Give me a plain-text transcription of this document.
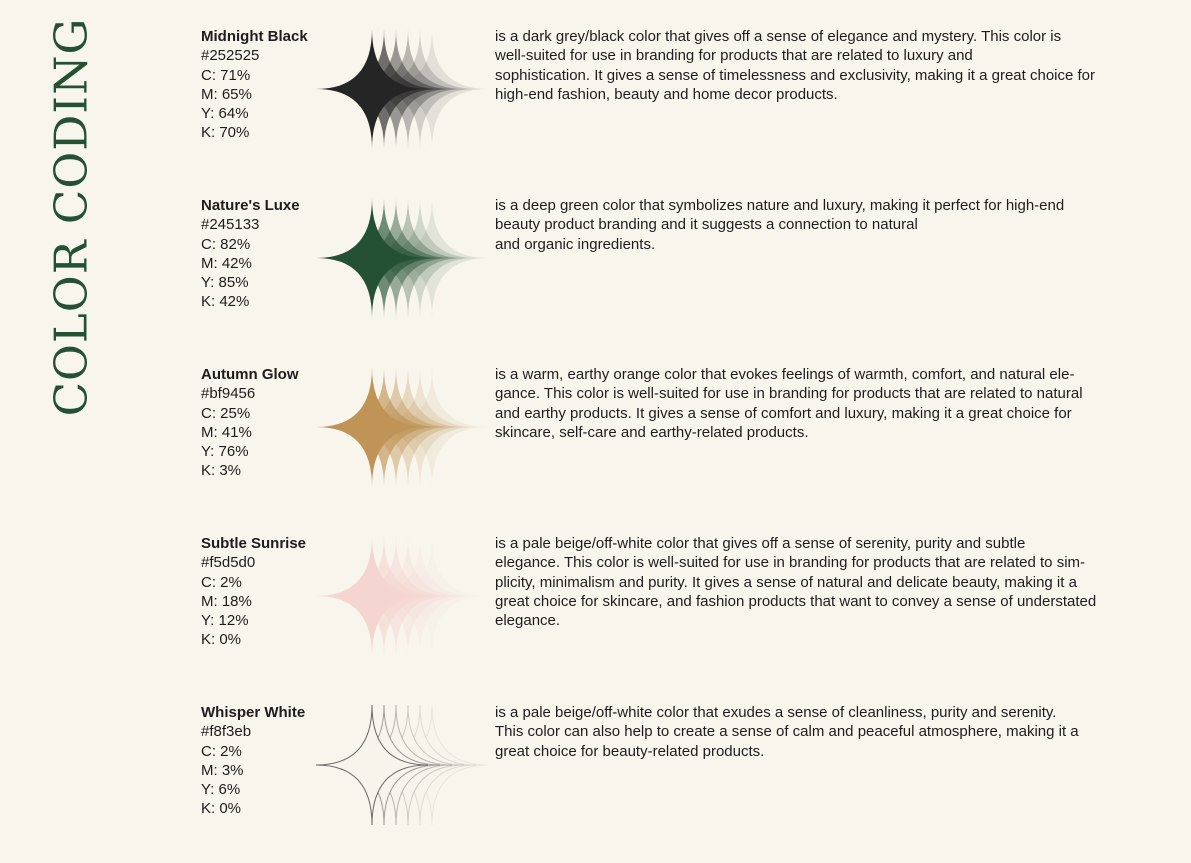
COLOR CODING	Midnight Black
#252525
C: 71%
M: 65%
Y: 64%
K: 70%
is a dark grey/black color that gives off a sense of elegance and mystery. This color is
well-suited for use in branding for products that are related to luxury and
sophistication. It gives a sense of timelessness and exclusivity, making it a great choice for
high-end fashion, beauty and home decor products.
Nature's Luxe
#245133
C: 82%
M: 42%
Y: 85%
K: 42%
is a deep green color that symbolizes nature and luxury, making it perfect for high-end
beauty product branding and it suggests a connection to natural
and organic ingredients.
Autumn Glow
#bf9456
C: 25%
M: 41%
Y: 76%
K: 3%
is a warm, earthy orange color that evokes feelings of warmth, comfort, and natural ele-
gance. This color is well-suited for use in branding for products that are related to natural
and earthy products. It gives a sense of comfort and luxury, making it a great choice for
skincare, self-care and earthy-related products.
Subtle Sunrise
#f5d5d0
C: 2%
M: 18%
Y: 12%
K: 0%
is a pale beige/off-white color that gives off a sense of serenity, purity and subtle
elegance. This color is well-suited for use in branding for products that are related to sim-
plicity, minimalism and purity. It gives a sense of natural and delicate beauty, making it a
great choice for skincare, and fashion products that want to convey a sense of understated
elegance.
Whisper White
#f8f3eb
C: 2%
M: 3%
Y: 6%
K: 0%
is a pale beige/off-white color that exudes a sense of cleanliness, purity and serenity.
This color can also help to create a sense of calm and peaceful atmosphere, making it a
great choice for beauty-related products.
